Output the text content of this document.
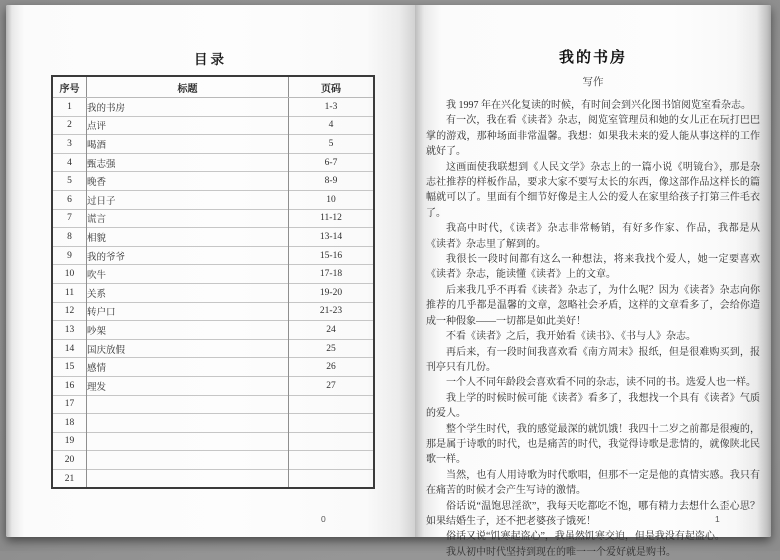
目录
序号	标题	页码
1	我的书房	1-3
2	点评	4
3	喝酒	5
4	甄志强	6-7
5	晚香	8-9
6	过日子	10
7	谎言	11-12
8	相貌	13-14
9	我的爷爷	15-16
10	吹牛	17-18
11	关系	19-20
12	转户口	21-23
13	吵架	24
14	国庆放假	25
15	感情	26
16	理发	27
17		
18		
19		
20		
21		
0
我的书房
写作

我 1997 年在兴化复读的时候，有时间会到兴化图书馆阅览室看杂志。

有一次，我在看《读者》杂志，阅览室管理员和她的女儿正在玩打巴巴掌的游戏，那种场面非常温馨。我想：如果我未来的爱人能从事这样的工作就好了。

这画面使我联想到《人民文学》杂志上的一篇小说《明镜台》，那是杂志社推荐的样板作品，要求大家不要写太长的东西，像这部作品这样长的篇幅就可以了。里面有个细节好像是主人公的爱人在家里给孩子打第三件毛衣了。

我高中时代，《读者》杂志非常畅销，有好多作家、作品，我都是从《读者》杂志里了解到的。

我很长一段时间都有这么一种想法，将来我找个爱人，她一定要喜欢《读者》杂志，能读懂《读者》上的文章。

后来我几乎不再看《读者》杂志了，为什么呢？因为《读者》杂志向你推荐的几乎都是温馨的文章，忽略社会矛盾，这样的文章看多了，会给你造成一种假象——一切都是如此美好！

不看《读者》之后，我开始看《读书》、《书与人》杂志。

再后来，有一段时间我喜欢看《南方周末》报纸，但是很难购买到，报刊亭只有几份。

一个人不同年龄段会喜欢看不同的杂志，读不同的书。选爱人也一样。

我上学的时候时候可能《读者》看多了，我想找一个具有《读者》气质的爱人。

整个学生时代，我的感觉最深的就饥饿！我四十二岁之前都是很瘦的，那是属于诗歌的时代，也是痛苦的时代，我觉得诗歌是悲情的，就像陕北民歌一样。

当然，也有人用诗歌为时代歌唱，但那不一定是他的真情实感。我只有在痛苦的时候才会产生写诗的激情。

俗话说“温饱思淫欲”，我每天吃都吃不饱，哪有精力去想什么歪心思？如果结婚生子，还不把老婆孩子饿死！

俗话又说“饥寒起盗心”，我虽然饥寒交迫，但是我没有起盗心。

我从初中时代坚持到现在的唯一一个爱好就是购书。

1
